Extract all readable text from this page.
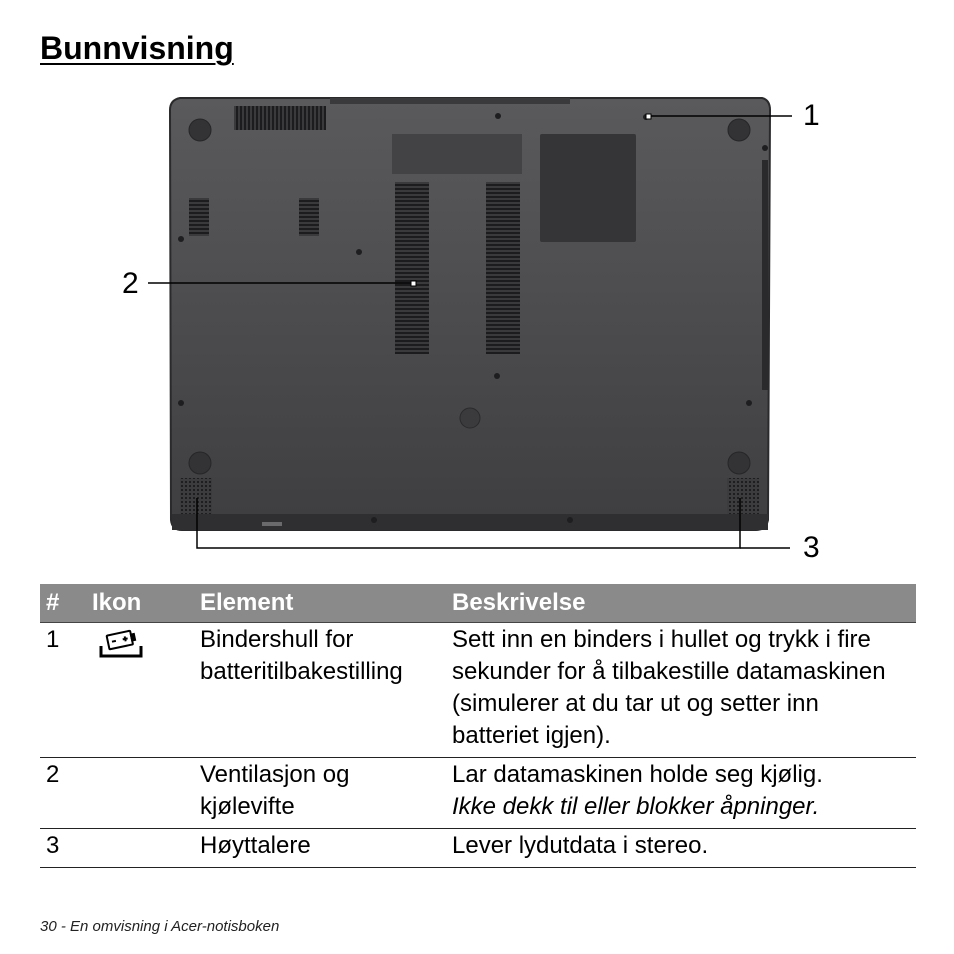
Bunnvisning
1
2
3
#	Ikon	Element	Beskrivelse
1		Bindershull for batteritilbakestilling	Sett inn en binders i hullet og trykk i fire sekunder for å tilbakestille datamaskinen (simulerer at du tar ut og setter inn batteriet igjen).
2		Ventilasjon og kjølevifte	Lar datamaskinen holde seg kjølig.
Ikke dekk til eller blokker åpninger.

3		Høyttalere	Lever lydutdata i stereo.
30 - En omvisning i Acer-notisboken
